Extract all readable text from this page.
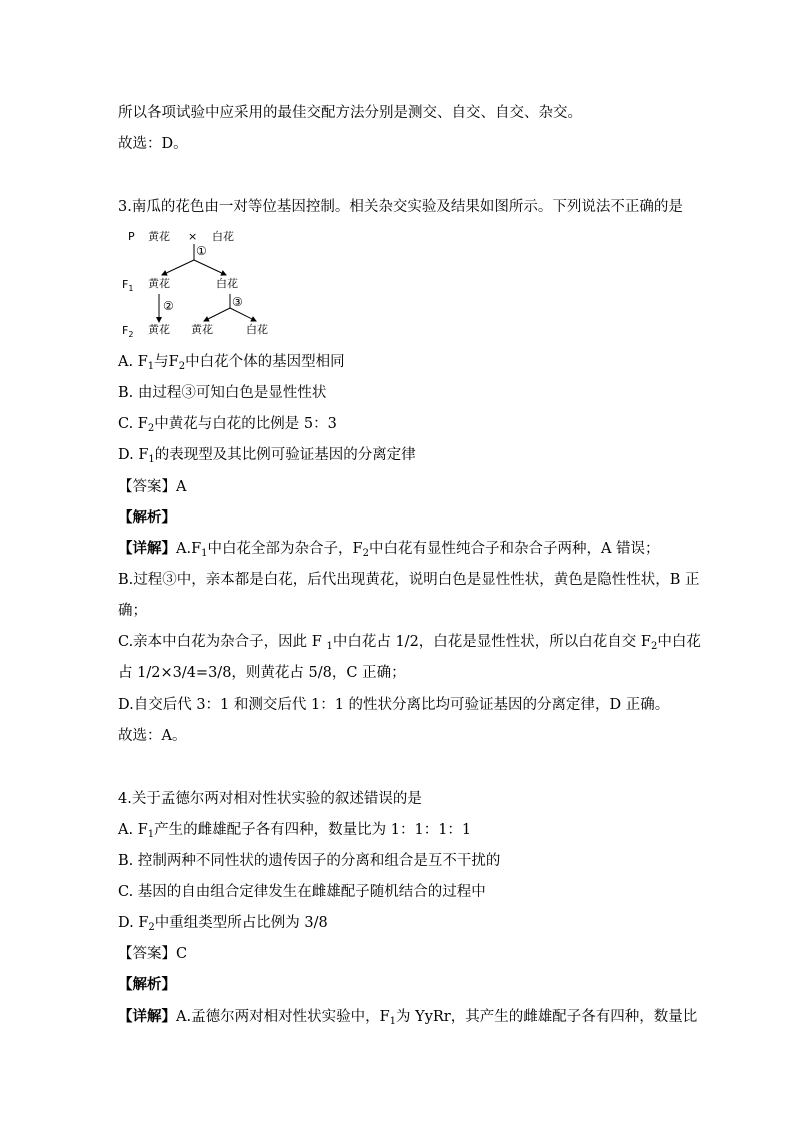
所以各项试验中应采用的最佳交配方法分别是测交、自交、自交、杂交。

故选：D。

3.南瓜的花色由一对等位基因控制。相关杂交实验及结果如图所示。下列说法不正确的是

P 黄花 × 白花
①
$F_1$ 黄花	白花
②	③
$F_2$ 黄花 黄花	白花

A. $F_1$与$F_2$中白花个体的基因型相同

B. 由过程③可知白色是显性性状

C. $F_2$中黄花与白花的比例是 5：3

D. $F_1$的表现型及其比例可验证基因的分离定律

【答案】A

【解析】

【详解】$A.F_1$中白花全部为杂合子，$F_2$中白花有显性纯合子和杂合子两种，A 错误；

B.过程③中，亲本都是白花，后代出现黄花，说明白色是显性性状，黄色是隐性性状，B 正

确；

C.亲本中白花为杂合子，因此 F $_1$中白花占 1/2，白花是显性性状，所以白花自交 $F_2$中白花

占 1/2×3/4=3/8，则黄花占 5/8，C 正确；

D.自交后代 3：1 和测交后代 1：1 的性状分离比均可验证基因的分离定律，D 正确。

故选：A。

4.关于孟德尔两对相对性状实验的叙述错误的是

A. $F_1$产生的雌雄配子各有四种，数量比为 1：1：1：1

B. 控制两种不同性状的遗传因子的分离和组合是互不干扰的

C. 基因的自由组合定律发生在雌雄配子随机结合的过程中

D. $F_2$中重组类型所占比例为 3/8

【答案】C

【解析】

【详解】A.孟德尔两对相对性状实验中，$F_1$为 YyRr，其产生的雌雄配子各有四种，数量比
